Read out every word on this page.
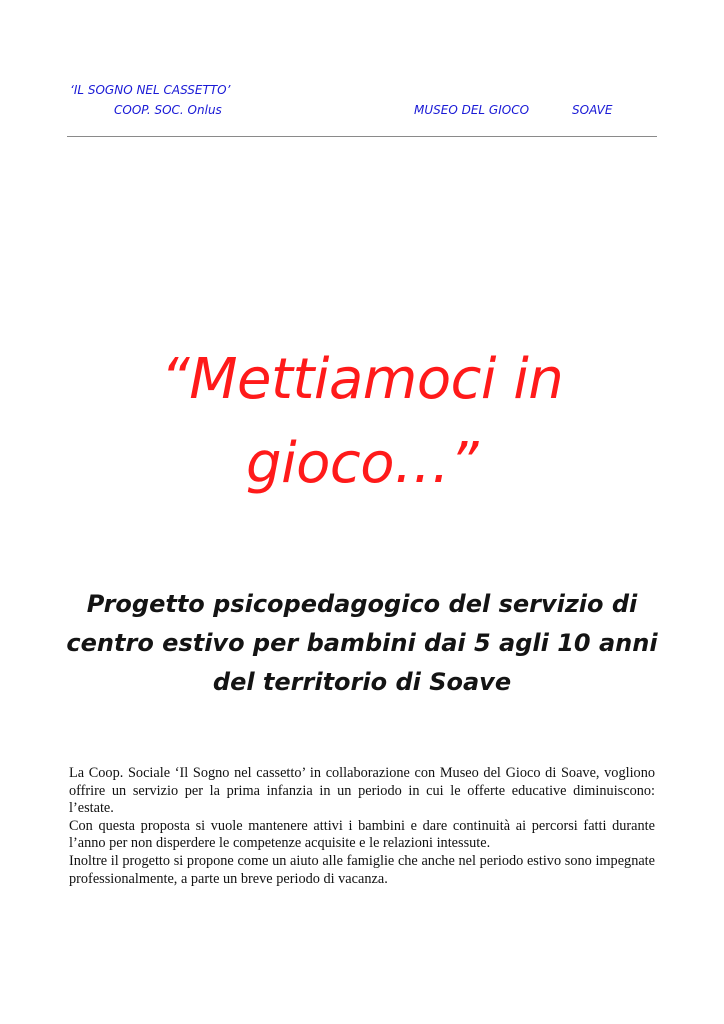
‘IL SOGNO NEL CASSETTO’
COOP. SOC. Onlus	MUSEO DEL GIOCO	SOAVE
“Mettiamoci in
gioco…”
Progetto psicopedagogico del servizio di
centro estivo per bambini dai 5 agli 10 anni
del territorio di Soave

La Coop. Sociale ‘Il Sogno nel cassetto’ in collaborazione con Museo del Gioco di Soave, vogliono offrire un servizio per la prima infanzia in un periodo in cui le offerte educative diminuiscono: l’estate.

Con questa proposta si vuole mantenere attivi i bambini e dare continuità ai percorsi fatti durante l’anno per non disperdere le competenze acquisite e le relazioni intessute.

Inoltre il progetto si propone come un aiuto alle famiglie che anche nel periodo estivo sono impegnate professionalmente, a parte un breve periodo di vacanza.
